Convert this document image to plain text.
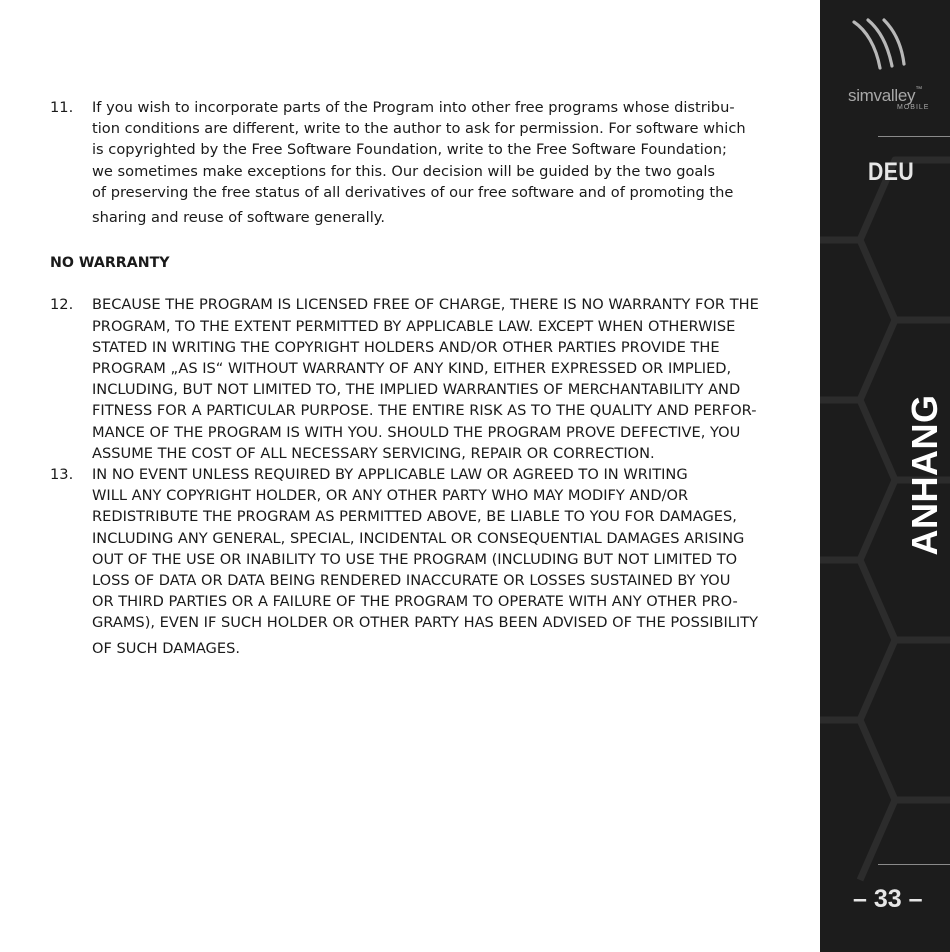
11.	If you wish to incorporate parts of the Program into other free programs whose distribu-
tion conditions are different, write to the author to ask for permission. For software which
is copyrighted by the Free Software Foundation, write to the Free Software Foundation;
we sometimes make exceptions for this. Our decision will be guided by the two goals
of preserving the free status of all derivatives of our free software and of promoting the
sharing and reuse of software generally.
NO WARRANTY
12.	BECAUSE THE PROGRAM IS LICENSED FREE OF CHARGE, THERE IS NO WARRANTY FOR THE
PROGRAM, TO THE EXTENT PERMITTED BY APPLICABLE LAW. EXCEPT WHEN OTHERWISE
STATED IN WRITING THE COPYRIGHT HOLDERS AND/OR OTHER PARTIES PROVIDE THE
PROGRAM „AS IS“ WITHOUT WARRANTY OF ANY KIND, EITHER EXPRESSED OR IMPLIED,
INCLUDING, BUT NOT LIMITED TO, THE IMPLIED WARRANTIES OF MERCHANTABILITY AND
FITNESS FOR A PARTICULAR PURPOSE. THE ENTIRE RISK AS TO THE QUALITY AND PERFOR-
MANCE OF THE PROGRAM IS WITH YOU. SHOULD THE PROGRAM PROVE DEFECTIVE, YOU
ASSUME THE COST OF ALL NECESSARY SERVICING, REPAIR OR CORRECTION.
13.	IN NO EVENT UNLESS REQUIRED BY APPLICABLE LAW OR AGREED TO IN WRITING
WILL ANY COPYRIGHT HOLDER, OR ANY OTHER PARTY WHO MAY MODIFY AND/OR
REDISTRIBUTE THE PROGRAM AS PERMITTED ABOVE, BE LIABLE TO YOU FOR DAMAGES,
INCLUDING ANY GENERAL, SPECIAL, INCIDENTAL OR CONSEQUENTIAL DAMAGES ARISING
OUT OF THE USE OR INABILITY TO USE THE PROGRAM (INCLUDING BUT NOT LIMITED TO
LOSS OF DATA OR DATA BEING RENDERED INACCURATE OR LOSSES SUSTAINED BY YOU
OR THIRD PARTIES OR A FAILURE OF THE PROGRAM TO OPERATE WITH ANY OTHER PRO-
GRAMS), EVEN IF SUCH HOLDER OR OTHER PARTY HAS BEEN ADVISED OF THE POSSIBILITY
OF SUCH DAMAGES.
simvalley™
MOBILE
DEU
ANHANG
– 33 –
